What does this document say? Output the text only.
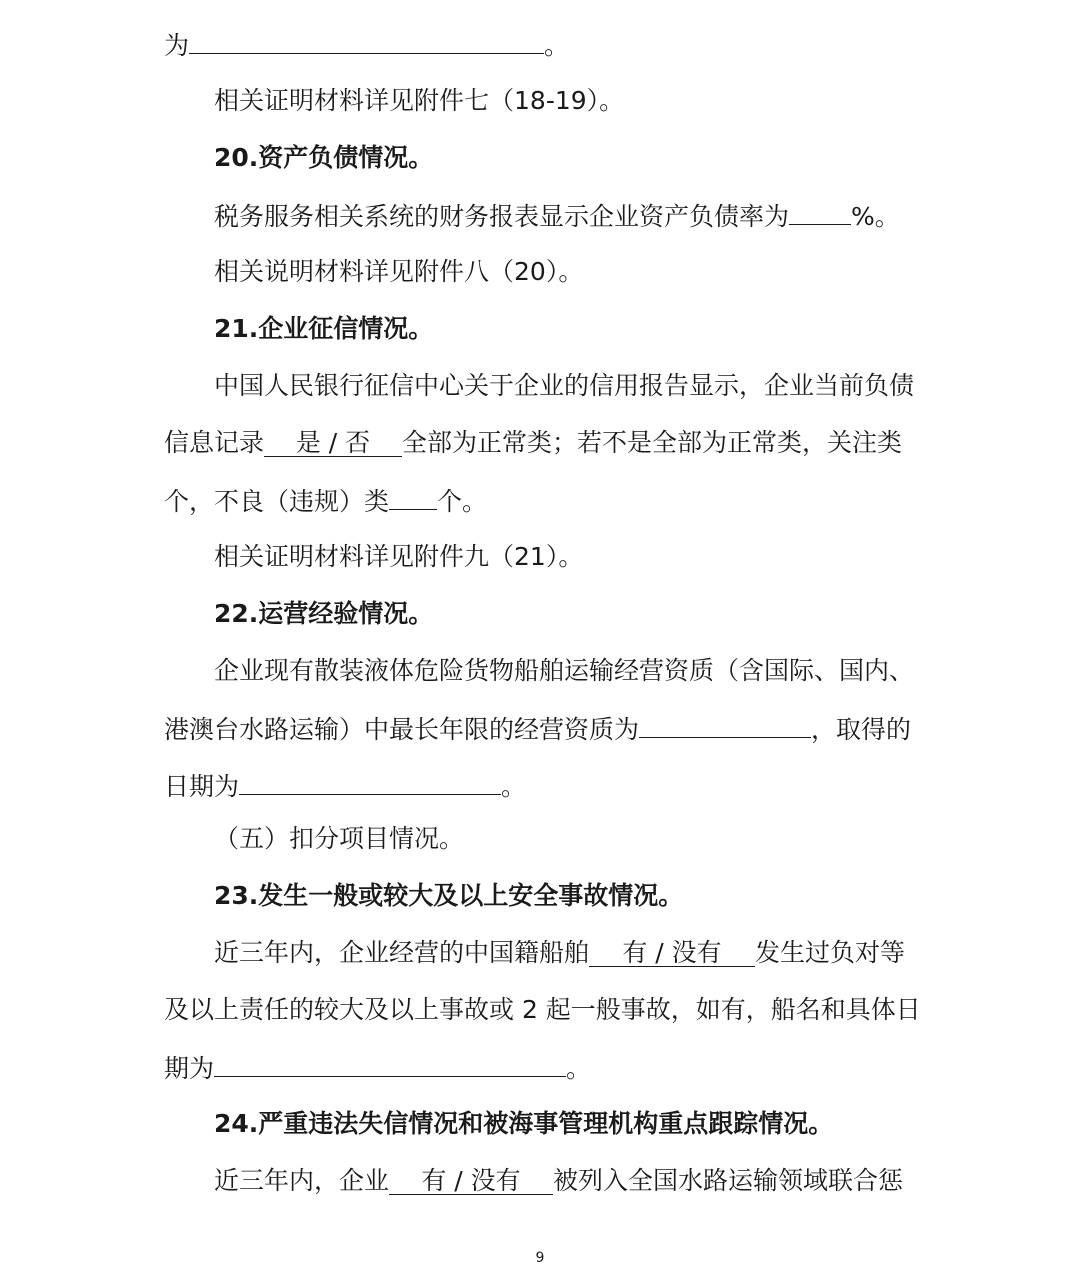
为	。
相关证明材料详见附件七（18-19）。
20.资产负债情况。
税务服务相关系统的财务报表显示企业资产负债率为 %。
相关说明材料详见附件八（20）。
21.企业征信情况。
中国人民银行征信中心关于企业的信用报告显示，企业当前负债
信息记录 是 / 否 全部为正常类；若不是全部为正常类，关注类
个，不良（违规）类 个。
相关证明材料详见附件九（21）。
22.运营经验情况。
企业现有散装液体危险货物船舶运输经营资质（含国际、国内、
港澳台水路运输）中最长年限的经营资质为	，取得的
日期为	。
（五）扣分项目情况。
23.发生一般或较大及以上安全事故情况。
近三年内，企业经营的中国籍船舶 有 / 没有 发生过负对等
及以上责任的较大及以上事故或 2 起一般事故，如有，船名和具体日
期为	。
24.严重违法失信情况和被海事管理机构重点跟踪情况。
近三年内，企业 有 / 没有 被列入全国水路运输领域联合惩
9
